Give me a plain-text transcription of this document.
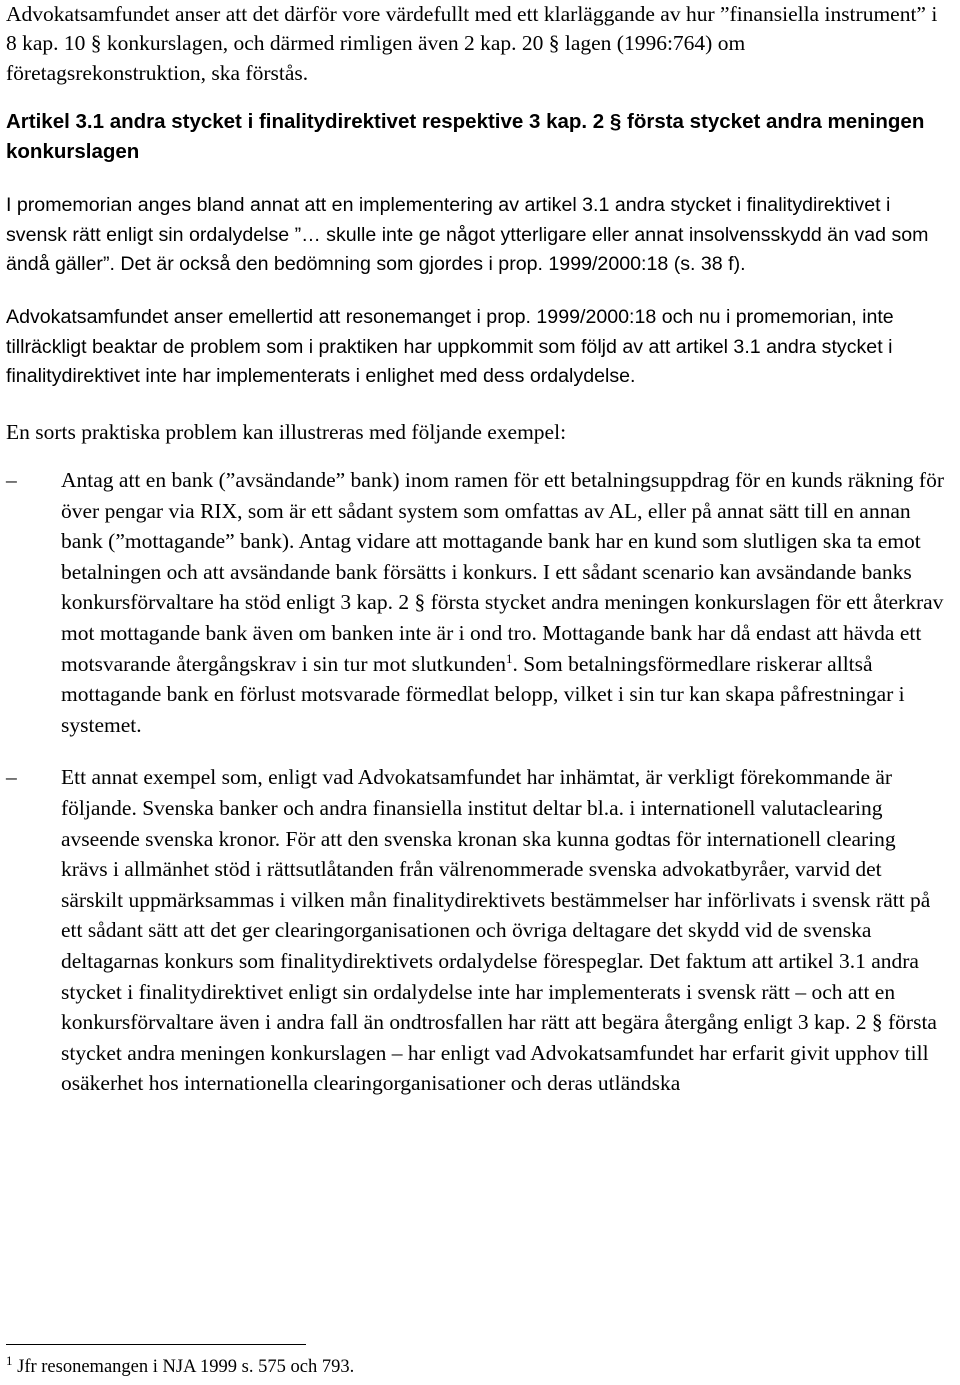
Advokatsamfundet anser att det därför vore värdefullt med ett klarläggande av hur ”finansiella instrument” i 8 kap. 10 § konkurslagen, och därmed rimligen även 2 kap. 20 § lagen (1996:764) om företagsrekonstruktion, ska förstås.

Artikel 3.1 andra stycket i finalitydirektivet respektive 3 kap. 2 § första stycket andra meningen konkurslagen

I promemorian anges bland annat att en implementering av artikel 3.1 andra stycket i finalitydirektivet i svensk rätt enligt sin ordalydelse ”… skulle inte ge något ytterligare eller annat insolvensskydd än vad som ändå gäller”. Det är också den bedömning som gjordes i prop. 1999/2000:18 (s. 38 f).

Advokatsamfundet anser emellertid att resonemanget i prop. 1999/2000:18 och nu i promemorian, inte tillräckligt beaktar de problem som i praktiken har uppkommit som följd av att artikel 3.1 andra stycket i finalitydirektivet inte har implementerats i enlighet med dess ordalydelse.

En sorts praktiska problem kan illustreras med följande exempel:

– Antag att en bank (”avsändande” bank) inom ramen för ett betalningsuppdrag för en kunds räkning för över pengar via RIX, som är ett sådant system som omfattas av AL, eller på annat sätt till en annan bank (”mottagande” bank). Antag vidare att mottagande bank har en kund som slutligen ska ta emot betalningen och att avsändande bank försätts i konkurs. I ett sådant scenario kan avsändande banks konkursförvaltare ha stöd enligt 3 kap. 2 § första stycket andra meningen konkurslagen för ett återkrav mot mottagande bank även om banken inte är i ond tro. Mottagande bank har då endast att hävda ett motsvarande återgångskrav i sin tur mot slutkunden$^1$. Som betalningsförmedlare riskerar alltså mottagande bank en förlust motsvarade förmedlat belopp, vilket i sin tur kan skapa påfrestningar i systemet.
– Ett annat exempel som, enligt vad Advokatsamfundet har inhämtat, är verkligt förekommande är följande. Svenska banker och andra finansiella institut deltar bl.a. i internationell valutaclearing avseende svenska kronor. För att den svenska kronan ska kunna godtas för internationell clearing krävs i allmänhet stöd i rättsutlåtanden från välrenommerade svenska advokatbyråer, varvid det särskilt uppmärksammas i vilken mån finalitydirektivets bestämmelser har införlivats i svensk rätt på ett sådant sätt att det ger clearingorganisationen och övriga deltagare det skydd vid de svenska deltagarnas konkurs som finalitydirektivets ordalydelse förespeglar. Det faktum att artikel 3.1 andra stycket i finalitydirektivet enligt sin ordalydelse inte har implementerats i svensk rätt – och att en konkursförvaltare även i andra fall än ondtrosfallen har rätt att begära återgång enligt 3 kap. 2 § första stycket andra meningen konkurslagen – har enligt vad Advokatsamfundet har erfarit givit upphov till osäkerhet hos internationella clearingorganisationer och deras utländska
$^1$ Jfr resonemangen i NJA 1999 s. 575 och 793.
